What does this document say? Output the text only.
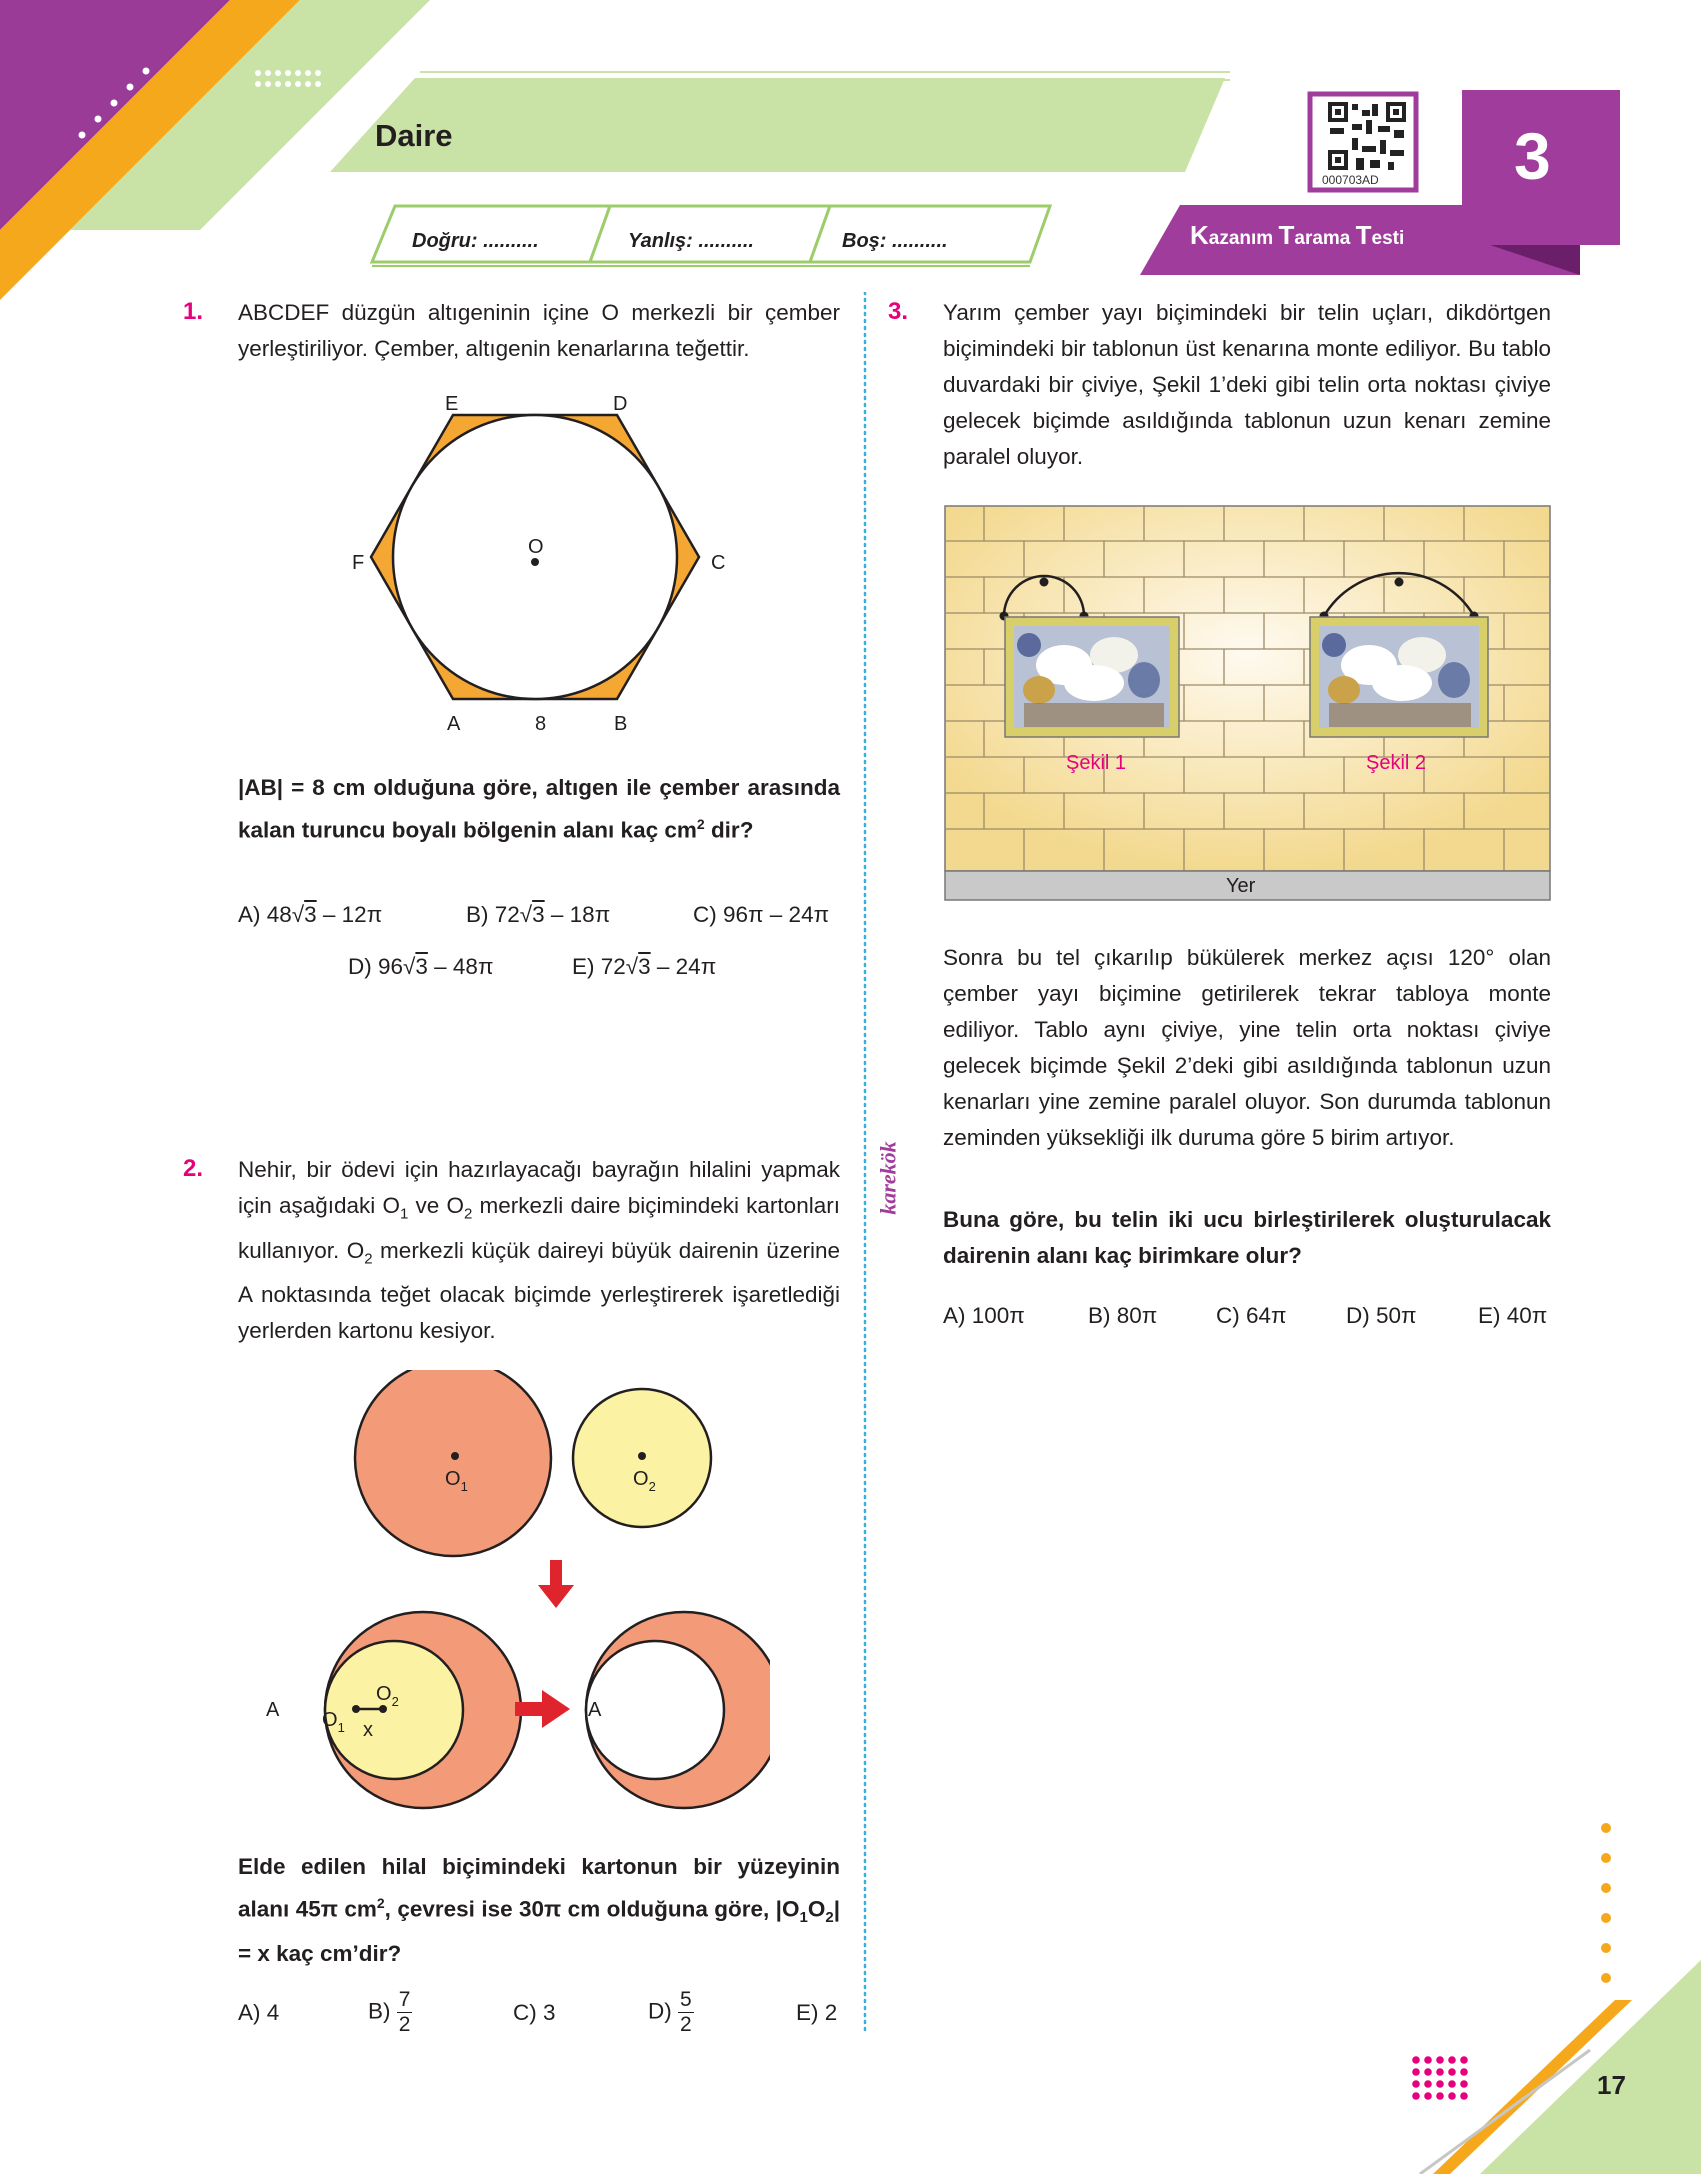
Daire
Doğru: ..........	Yanlış: ..........	Boş: ..........
000703AD
Kazanım Tarama Testi
3
karekök
1. ABCDEF düzgün altıgeninin içine O merkezli bir çember yerleştiriliyor. Çember, altıgenin kenarlarına teğettir.
E	D
F	C
A	B
O
8
|AB| = 8 cm olduğuna göre, altıgen ile çember arasında kalan turuncu boyalı bölgenin alanı kaç $cm^2$ dir?
A) 48√3 – 12π	B) 72√3 – 18π	C) 96π – 24π
D) 96√3 – 48π	E) 72√3 – 24π
2. Nehir, bir ödevi için hazırlayacağı bayrağın hilalini yapmak için aşağıdaki $O_1$ ve $O_2$ merkezli daire biçimindeki kartonları kullanıyor. $O_2$ merkezli küçük daireyi büyük dairenin üzerine A noktasında teğet olacak biçimde yerleştirerek işaretlediği yerlerden kartonu kesiyor.
$O_1$	$O_2$
A $O_1$
$O_2$
x
A
Elde edilen hilal biçimindeki kartonun bir yüzeyinin alanı 45π $cm^2$, çevresi ise 30π cm olduğuna göre, $|O_1O_2| = x$ kaç cm’dir?
A) 4	$B) \frac{7}{2}$	C) 3	$D) \frac{5}{2}$	E) 2
3. Yarım çember yayı biçimindeki bir telin uçları, dikdörtgen biçimindeki bir tablonun üst kenarına monte ediliyor. Bu tablo duvardaki bir çiviye, Şekil 1’deki gibi telin orta noktası çiviye gelecek biçimde asıldığında tablonun uzun kenarı zemine paralel oluyor.
Yer
Şekil 1	Şekil 2
Sonra bu tel çıkarılıp bükülerek merkez açısı 120° olan çember yayı biçimine getirilerek tekrar tabloya monte ediliyor. Tablo aynı çiviye, yine telin orta noktası çiviye gelecek biçimde Şekil 2’deki gibi asıldığında tablonun uzun kenarları yine zemine paralel oluyor. Son durumda tablonun zeminden yüksekliği ilk duruma göre 5 birim artıyor.
Buna göre, bu telin iki ucu birleştirilerek oluşturulacak dairenin alanı kaç birimkare olur?
A) 100π	B) 80π	C) 64π	D) 50π	E) 40π
17
